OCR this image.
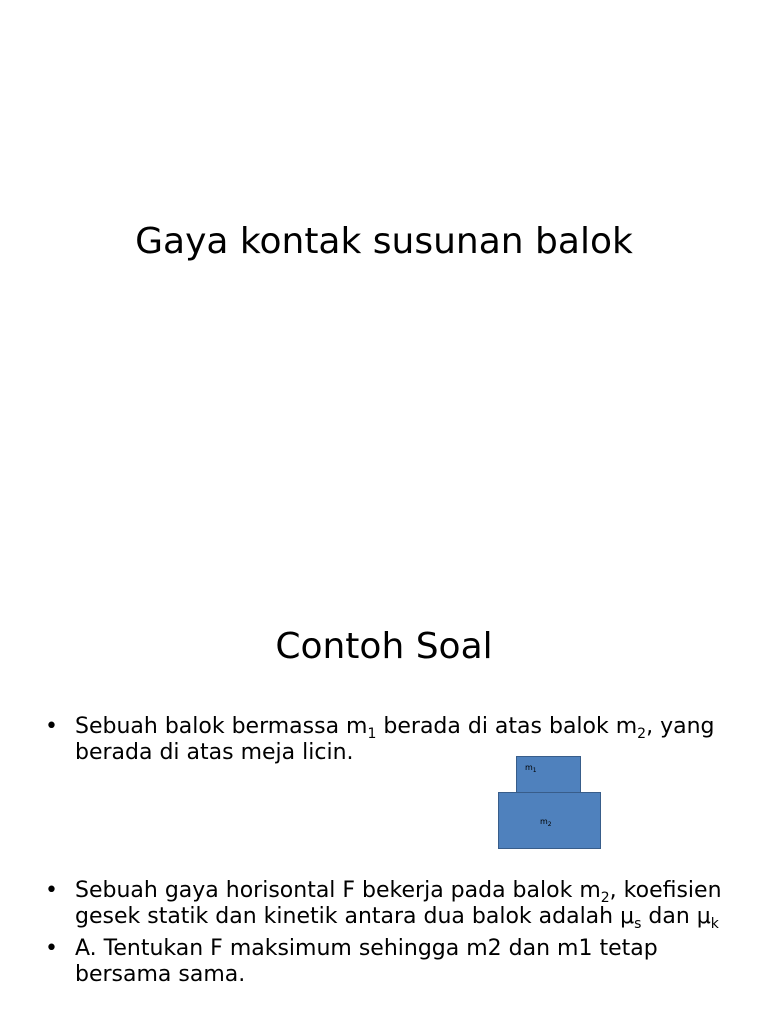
Gaya kontak susunan balok
Contoh Soal
• Sebuah balok bermassa $m_1$ berada di atas balok $m_2$, yang berada di atas meja licin.
$m_1$
$m_2$
• Sebuah gaya horisontal F bekerja pada balok $m_2$, koefisien gesek statik dan kinetik antara dua balok adalah $\mu_s$ dan $\mu_k$
• A. Tentukan F maksimum sehingga m2 dan m1 tetap bersama sama.
